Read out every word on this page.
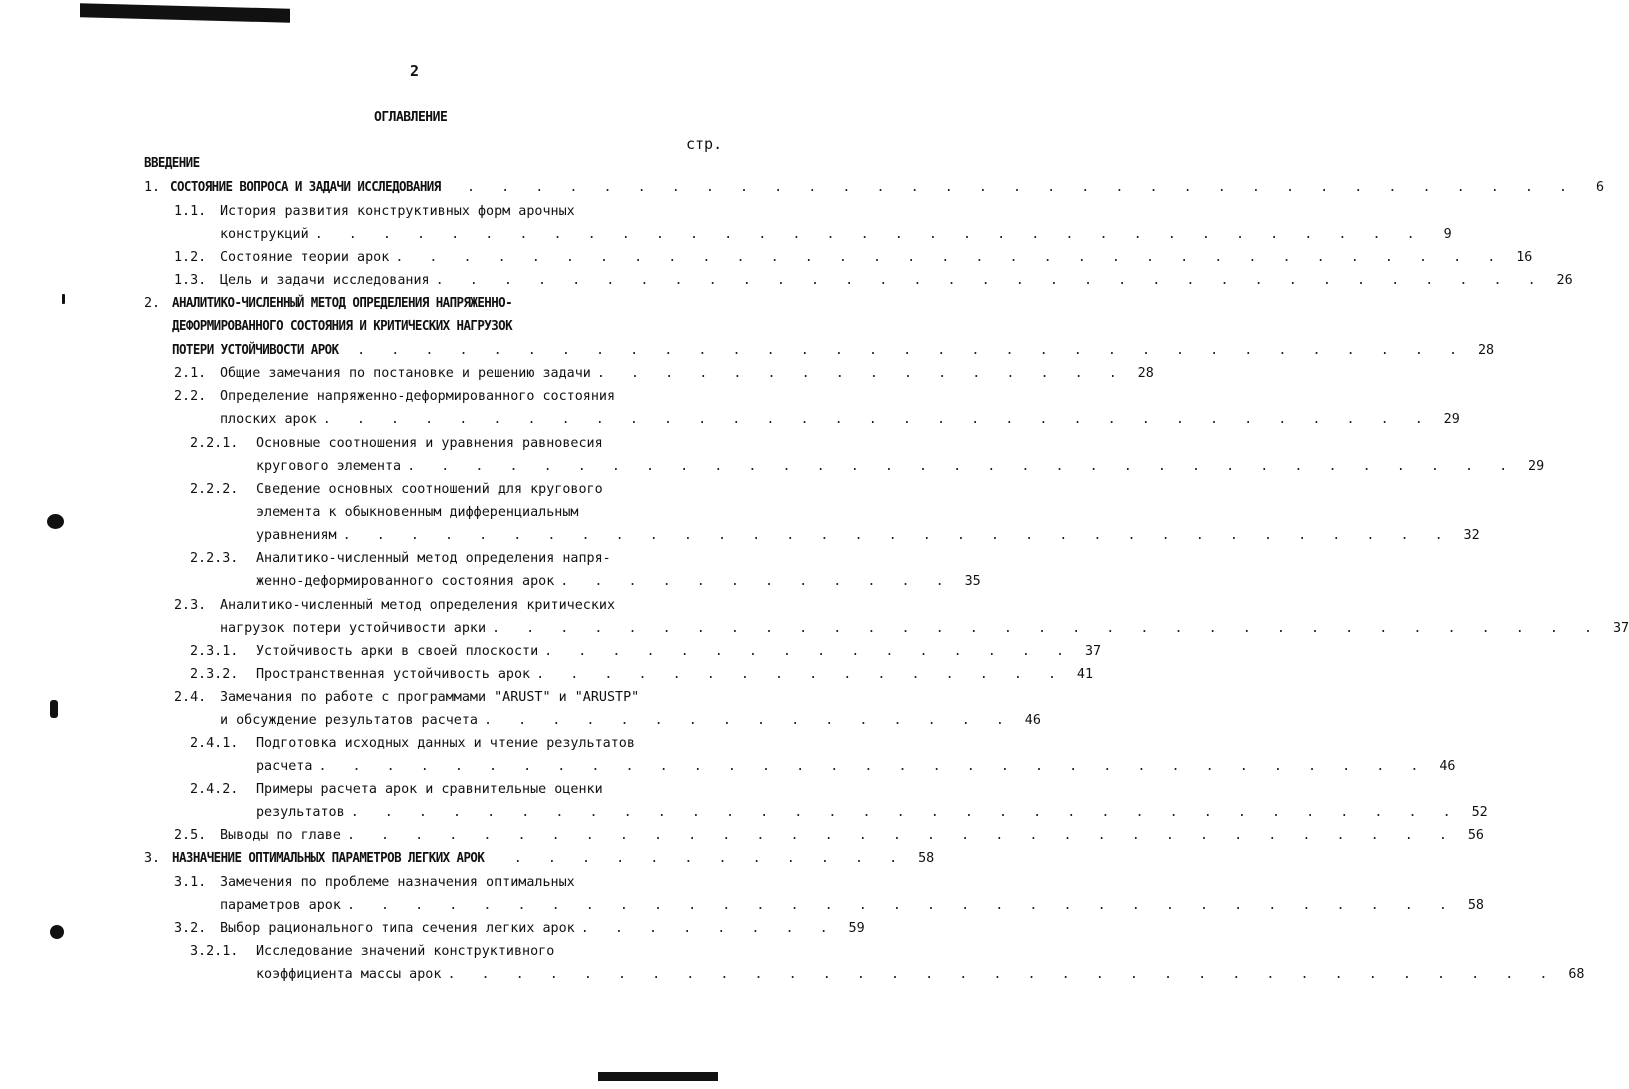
2
ОГЛАВЛЕНИЕ
стр.
ВВЕДЕНИЕ
1. СОСТОЯНИЕ ВОПРОСА И ЗАДАЧИ ИССЛЕДОВАНИЯ . . . . . . . . . . . . . . . . . . . . . . . . . . . . . . . . .	6
1.1.	История развития конструктивных форм арочных
конструкций . . . . . . . . . . . . . . . . . . . . . . . . . . . . . . . . .	9
1.2.	Состояние теории арок . . . . . . . . . . . . . . . . . . . . . . . . . . . . . . . . . 16
1.3.	Цель и задачи исследования . . . . . . . . . . . . . . . . . . . . . . . . . . . . . . . . . 26
2. АНАЛИТИКО-ЧИСЛЕННЫЙ МЕТОД ОПРЕДЕЛЕНИЯ НАПРЯЖЕННО-
ДЕФОРМИРОВАННОГО СОСТОЯНИЯ И КРИТИЧЕСКИХ НАГРУЗОК
ПОТЕРИ УСТОЙЧИВОСТИ АРОК . . . . . . . . . . . . . . . . . . . . . . . . . . . . . . . . . 28
2.1.	Общие замечания по постановке и решению задачи . . . . . . . . . . . . . . . . 28
2.2.	Определение напряженно-деформированного состояния
плоских арок . . . . . . . . . . . . . . . . . . . . . . . . . . . . . . . . . 29
2.2.1.	Основные соотношения и уравнения равновесия
кругового элемента . . . . . . . . . . . . . . . . . . . . . . . . . . . . . . . . . 29
2.2.2.	Сведение основных соотношений для кругового
элемента к обыкновенным дифференциальным
уравнениям . . . . . . . . . . . . . . . . . . . . . . . . . . . . . . . . . 32
2.2.3.	Аналитико-численный метод определения напря-
женно-деформированного состояния арок . . . . . . . . . . . . 35
2.3.	Аналитико-численный метод определения критических
нагрузок потери устойчивости арки . . . . . . . . . . . . . . . . . . . . . . . . . . . . . . . . . 37
2.3.1.	Устойчивость арки в своей плоскости . . . . . . . . . . . . . . . . 37
2.3.2.	Пространственная устойчивость арок . . . . . . . . . . . . . . . . 41
2.4.	Замечания по работе с программами "ARUST" и "ARUSTP"
и обсуждение результатов расчета . . . . . . . . . . . . . . . . 46
2.4.1.	Подготовка исходных данных и чтение результатов
расчета . . . . . . . . . . . . . . . . . . . . . . . . . . . . . . . . . 46
2.4.2.	Примеры расчета арок и сравнительные оценки
результатов . . . . . . . . . . . . . . . . . . . . . . . . . . . . . . . . . 52
2.5.	Выводы по главе . . . . . . . . . . . . . . . . . . . . . . . . . . . . . . . . . 56
3. НАЗНАЧЕНИЕ ОПТИМАЛЬНЫХ ПАРАМЕТРОВ ЛЕГКИХ АРОК . . . . . . . . . . . . 58
3.1.	Замечения по проблеме назначения оптимальных
параметров арок . . . . . . . . . . . . . . . . . . . . . . . . . . . . . . . . . 58
3.2.	Выбор рационального типа сечения легких арок . . . . . . . . 59
3.2.1.	Исследование значений конструктивного
коэффициента массы арок . . . . . . . . . . . . . . . . . . . . . . . . . . . . . . . . . 68
